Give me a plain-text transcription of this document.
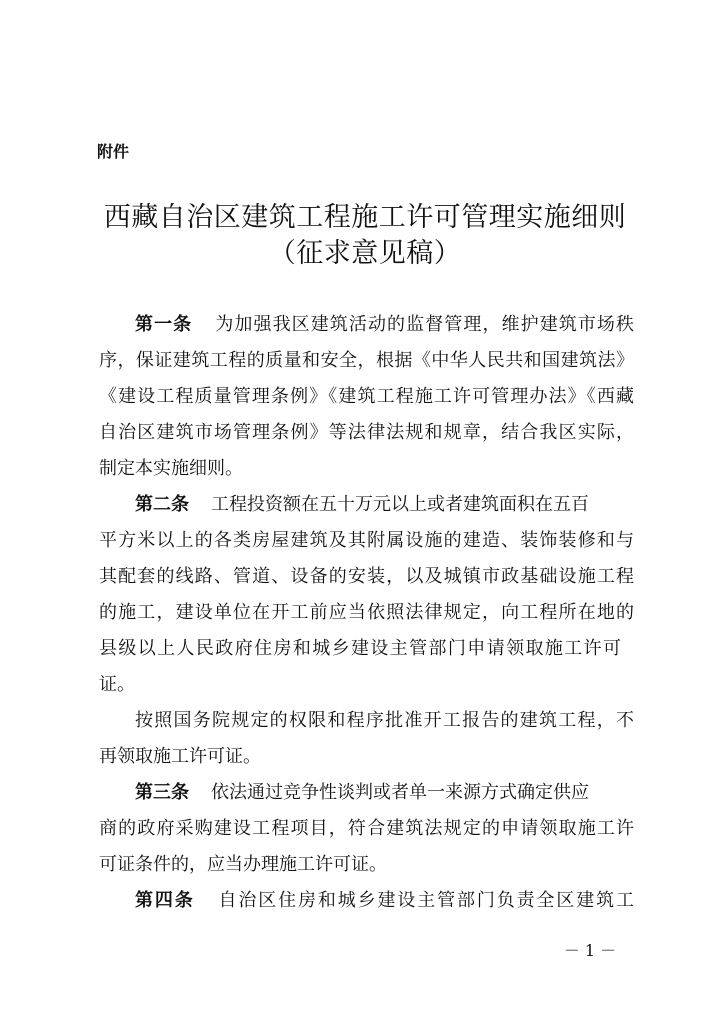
附件

西藏自治区建筑工程施工许可管理实施细则
（征求意见稿）
第一条 为加强我区建筑活动的监督管理，维护建筑市场秩
序，保证建筑工程的质量和安全，根据《中华人民共和国建筑法》
《建设工程质量管理条例》《建筑工程施工许可管理办法》《西藏
自治区建筑市场管理条例》等法律法规和规章，结合我区实际，
制定本实施细则。
第二条 工程投资额在五十万元以上或者建筑面积在五百
平方米以上的各类房屋建筑及其附属设施的建造、装饰装修和与
其配套的线路、管道、设备的安装，以及城镇市政基础设施工程
的施工，建设单位在开工前应当依照法律规定，向工程所在地的
县级以上人民政府住房和城乡建设主管部门申请领取施工许可
证。
按照国务院规定的权限和程序批准开工报告的建筑工程，不
再领取施工许可证。
第三条 依法通过竞争性谈判或者单一来源方式确定供应
商的政府采购建设工程项目，符合建筑法规定的申请领取施工许
可证条件的，应当办理施工许可证。
第四条 自治区住房和城乡建设主管部门负责全区建筑工

－ 1 －
